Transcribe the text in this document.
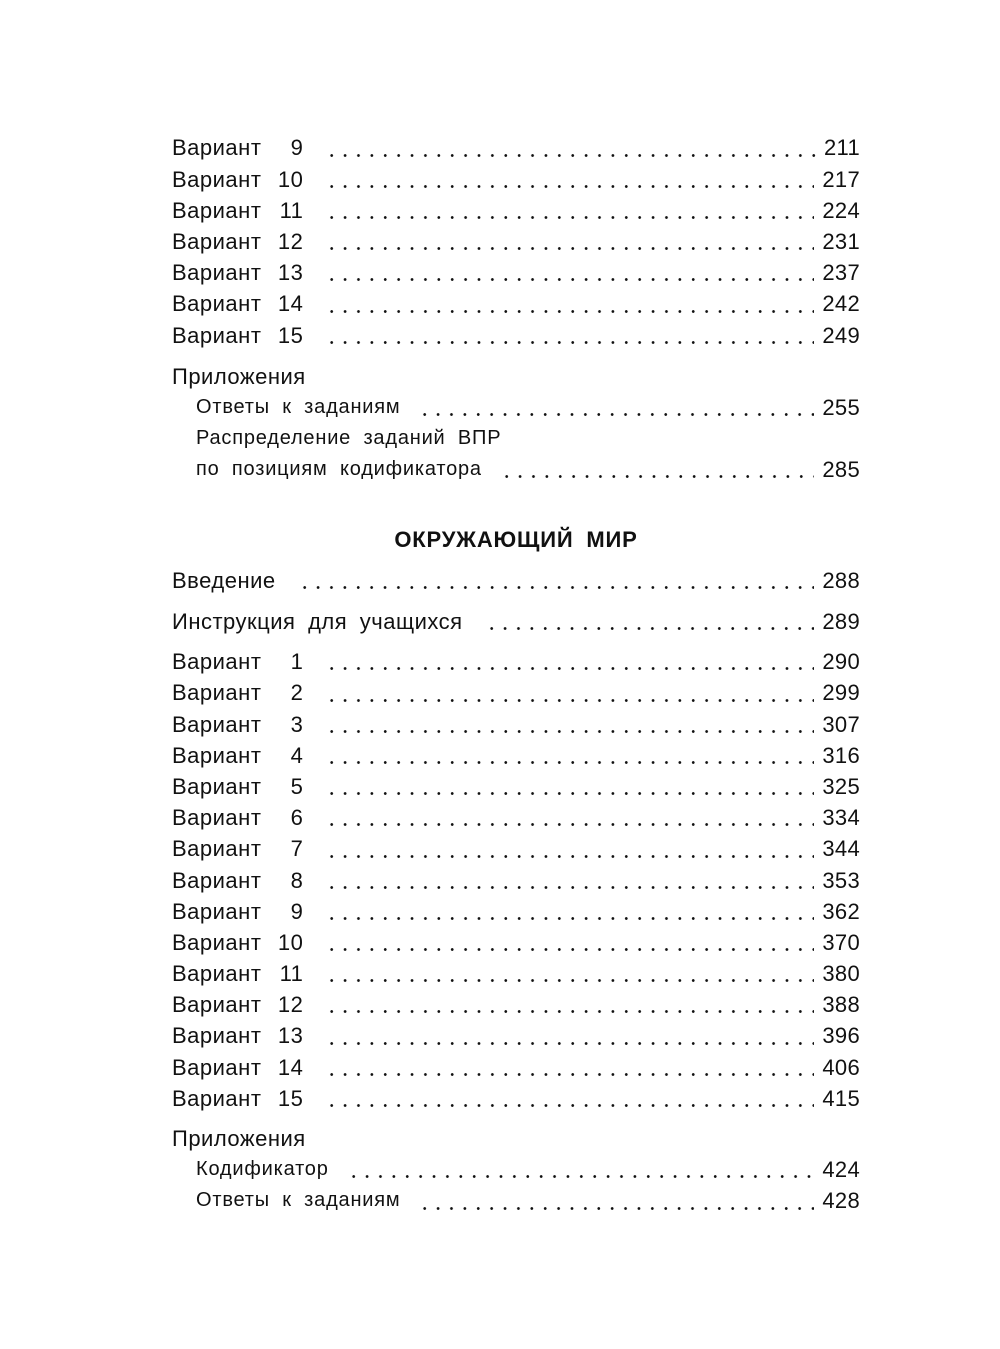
Вариант	9	211
Вариант 10	217
Вариант 11	224
Вариант 12	231
Вариант 13	237
Вариант 14	242
Вариант 15	249
Приложения
Ответы к заданиям	255
Распределение заданий ВПР
по позициям кодификатора	285
ОКРУЖАЮЩИЙ МИР
Введение	288
Инструкция для учащихся	289
Вариант	1	290
Вариант	2	299
Вариант	3	307
Вариант	4	316
Вариант	5	325
Вариант	6	334
Вариант	7	344
Вариант	8	353
Вариант	9	362
Вариант 10	370
Вариант 11	380
Вариант 12	388
Вариант 13	396
Вариант 14	406
Вариант 15	415
Приложения
Кодификатор	424
Ответы к заданиям	428
